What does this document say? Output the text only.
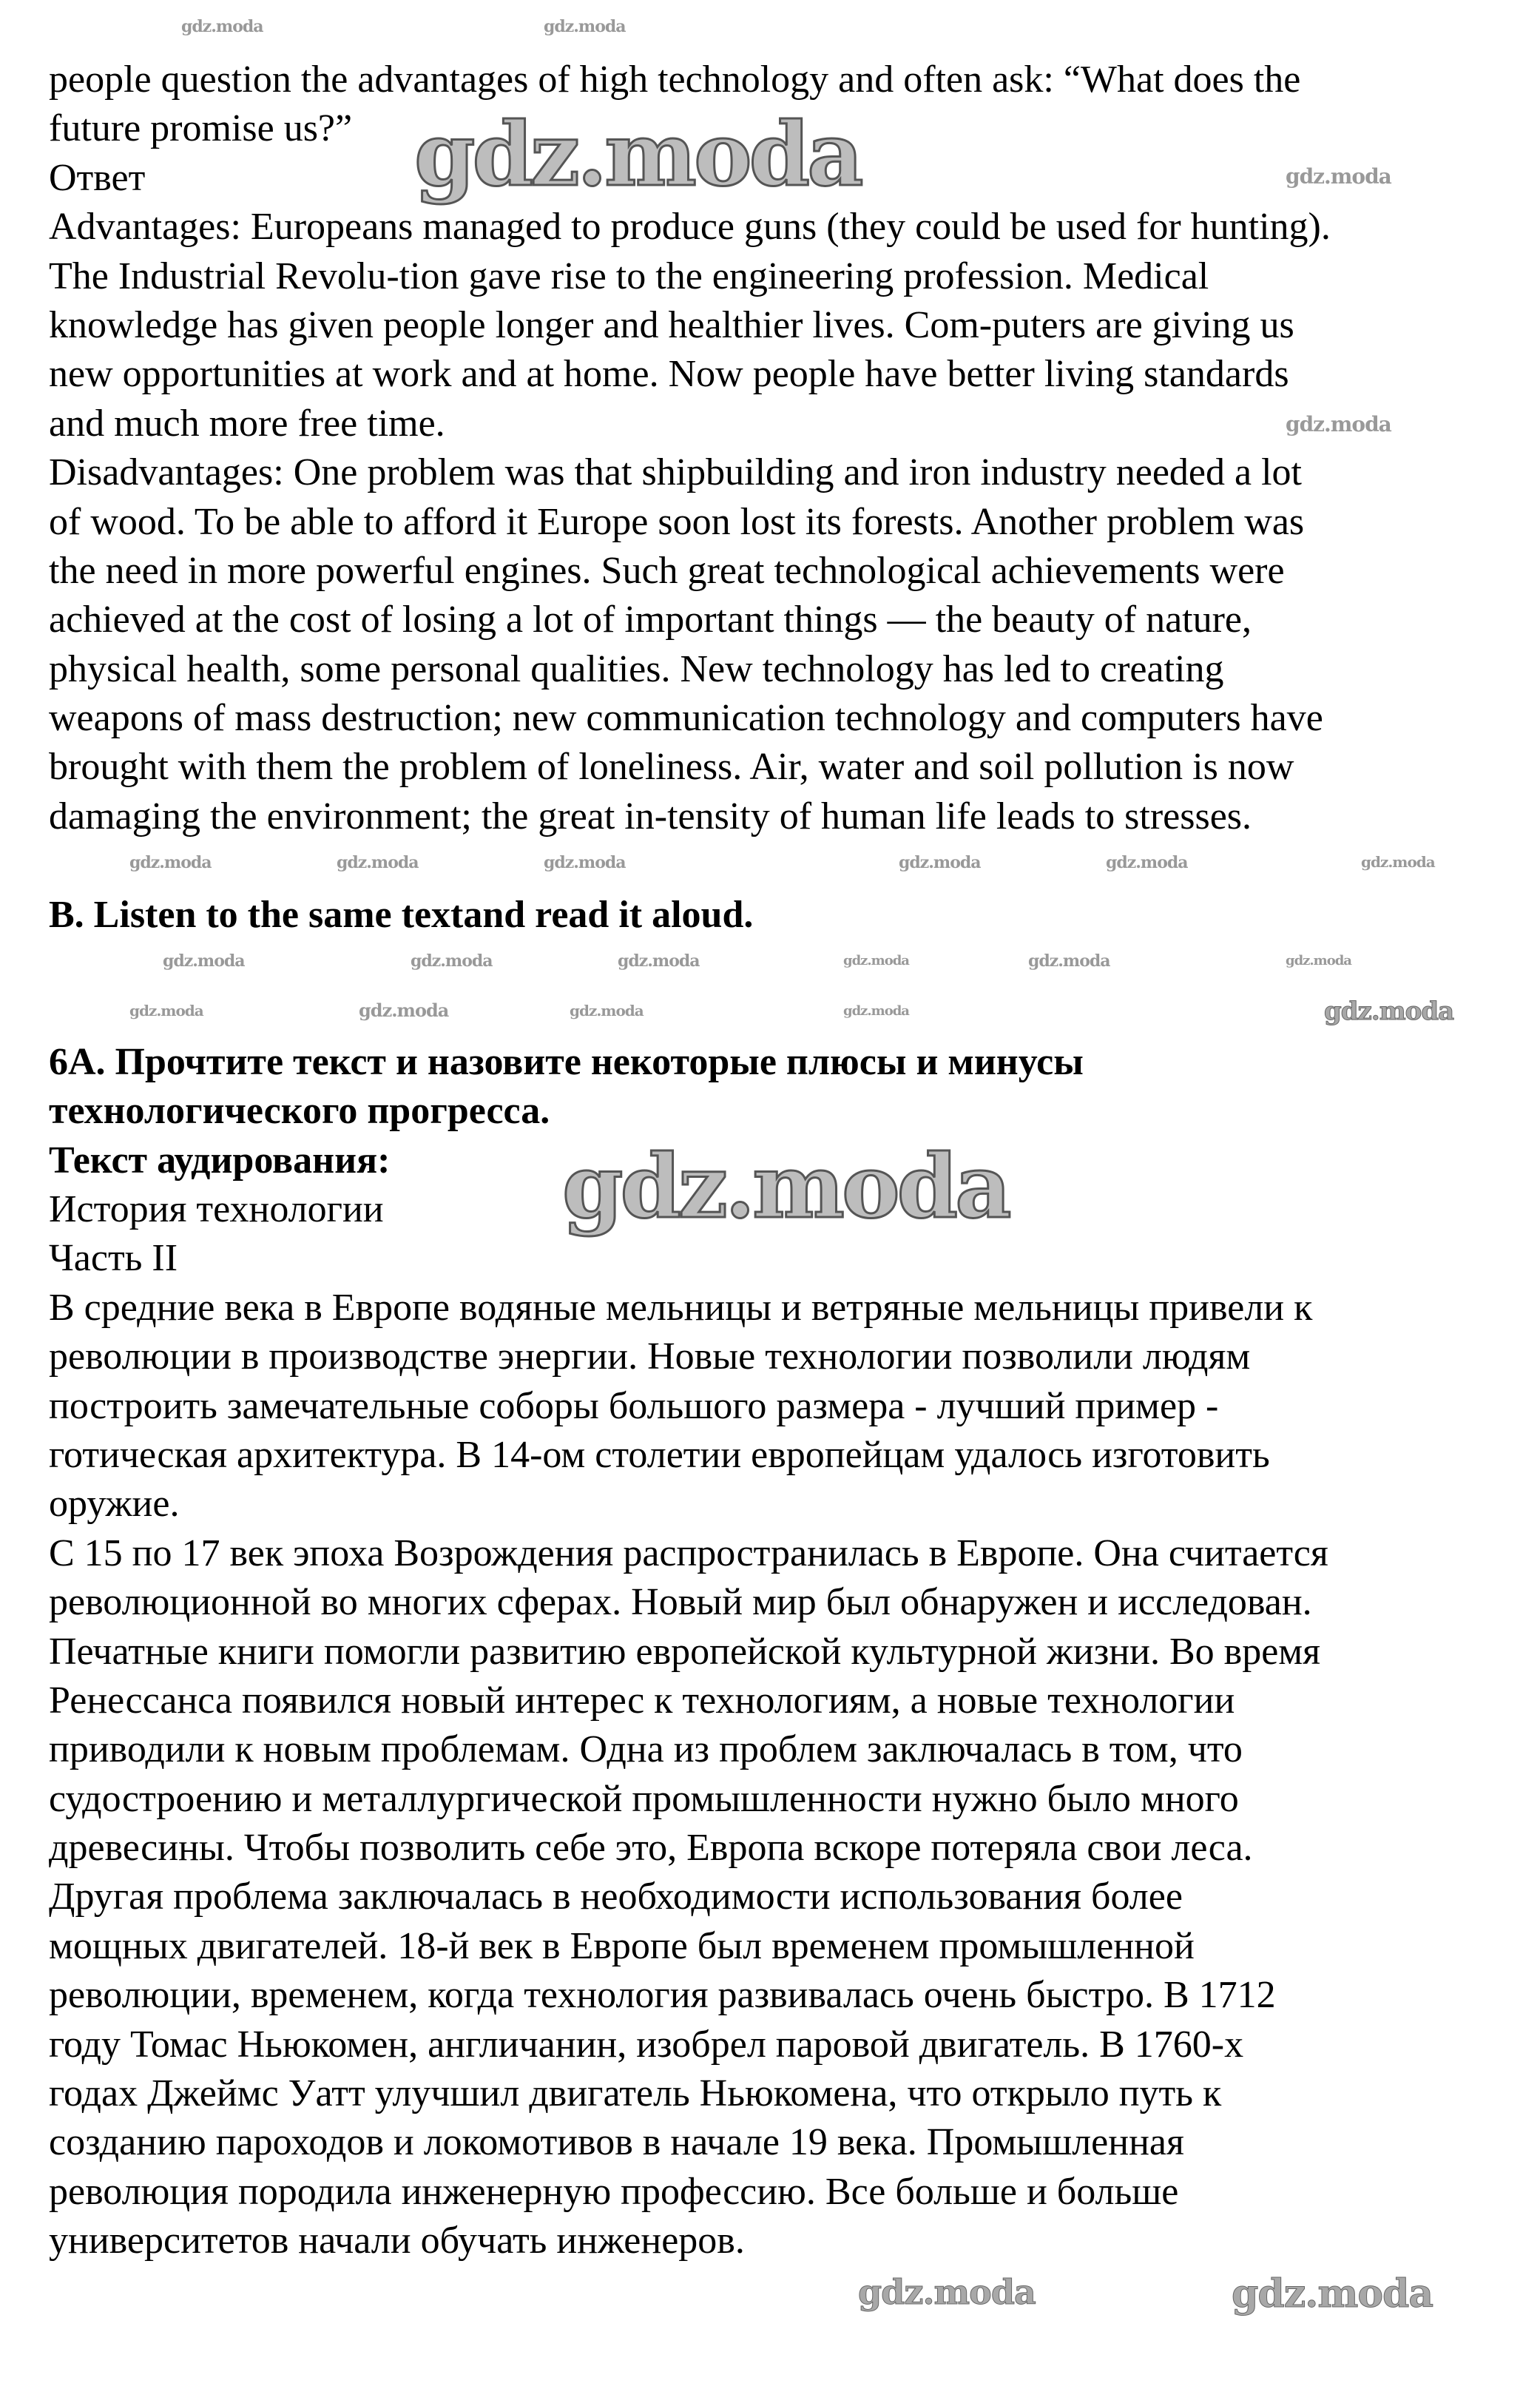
people question the advantages of high technology and often ask: “What does the
future promise us?”
Ответ
Advantages: Europeans managed to produce guns (they could be used for hunting).
The Industrial Revolu-tion gave rise to the engineering profession. Medical
knowledge has given people longer and healthier lives. Com-puters are giving us
new opportunities at work and at home. Now people have better living standards
and much more free time.
Disadvantages: One problem was that shipbuilding and iron industry needed a lot
of wood. To be able to afford it Europe soon lost its forests. Another problem was
the need in more powerful engines. Such great technological achievements were
achieved at the cost of losing a lot of important things — the beauty of nature,
physical health, some personal qualities. New technology has led to creating
weapons of mass destruction; new communication technology and computers have
brought with them the problem of loneliness. Air, water and soil pollution is now
damaging the environment; the great in-tensity of human life leads to stresses.
B. Listen to the same textand read it aloud.
6A. Прочтите текст и назовите некоторые плюсы и минусы
технологического прогресса.
Текст аудирования:
История технологии
Часть II
В средние века в Европе водяные мельницы и ветряные мельницы привели к
революции в производстве энергии. Новые технологии позволили людям
построить замечательные соборы большого размера - лучший пример -
готическая архитектура. В 14-ом столетии европейцам удалось изготовить
оружие.
С 15 по 17 век эпоха Возрождения распространилась в Европе. Она считается
революционной во многих сферах. Новый мир был обнаружен и исследован.
Печатные книги помогли развитию европейской культурной жизни. Во время
Ренессанса появился новый интерес к технологиям, а новые технологии
приводили к новым проблемам. Одна из проблем заключалась в том, что
судостроению и металлургической промышленности нужно было много
древесины. Чтобы позволить себе это, Европа вскоре потеряла свои леса.
Другая проблема заключалась в необходимости использования более
мощных двигателей. 18-й век в Европе был временем промышленной
революции, временем, когда технология развивалась очень быстро. В 1712
году Томас Ньюкомен, англичанин, изобрел паровой двигатель. В 1760-х
годах Джеймс Уатт улучшил двигатель Ньюкомена, что открыло путь к
созданию пароходов и локомотивов в начале 19 века. Промышленная
революция породила инженерную профессию. Все больше и больше
университетов начали обучать инженеров.
gdz.moda	gdz.moda
gdz.moda
gdz.moda
gdz.moda
gdz.moda
gdz.moda	gdz.moda	gdz.moda	gdz.moda	gdz.moda
gdz.moda	gdz.moda	gdz.moda	gdz.moda	gdz.moda
gdz.moda
gdz.moda
gdz.moda	gdz.moda	gdz.moda
gdz.moda	gdz.moda
gdz.moda	gdz.moda
